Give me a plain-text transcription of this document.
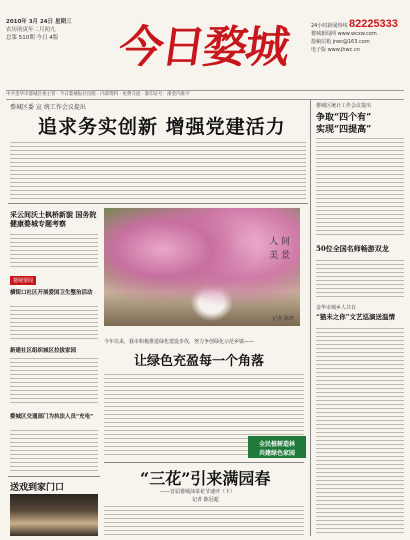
2010年 3月 24日 星期三
农历庚寅年二月初九
总第 510期 今日 4版	今日婺城	24小时新闻热线 82225333
婺城新闻网 www.wcxw.com
投稿信箱 jrwc@163.com
电子版 www.jhwc.cn
中共金华市婺城区委主管 · 今日婺城报社出版 · 内部资料 · 免费交流 · 准印证号：浙金内准字
婺城区委 宣 统工作会议提出
追求务实创新 增强党建活力
采云间沃土枫桥新貌 国务院健康婺城专题考察
婺城要闻
横街口社区开展爱国卫生整治活动
新建社区组织城区拉拔家园
婺城区交通部门为执法人员“充电”
送戏到家门口
人 间
美 景
记者 陈鸿
今年以来，我市积极推进绿化建设步伐，努力争创绿化示范乡镇——
让绿色充盈每一个角落
“三花”引来满园春
——首届婺城油菜花节速评（下）
记者 陈冠超
全民植树造林
共建绿色家园
婺城区统计工作会议提出
争取“四个有”
实现“四提高”
50位全国名师畅游双龙
金华市城乡人共有
“猫未之你”文艺巡演送温情
